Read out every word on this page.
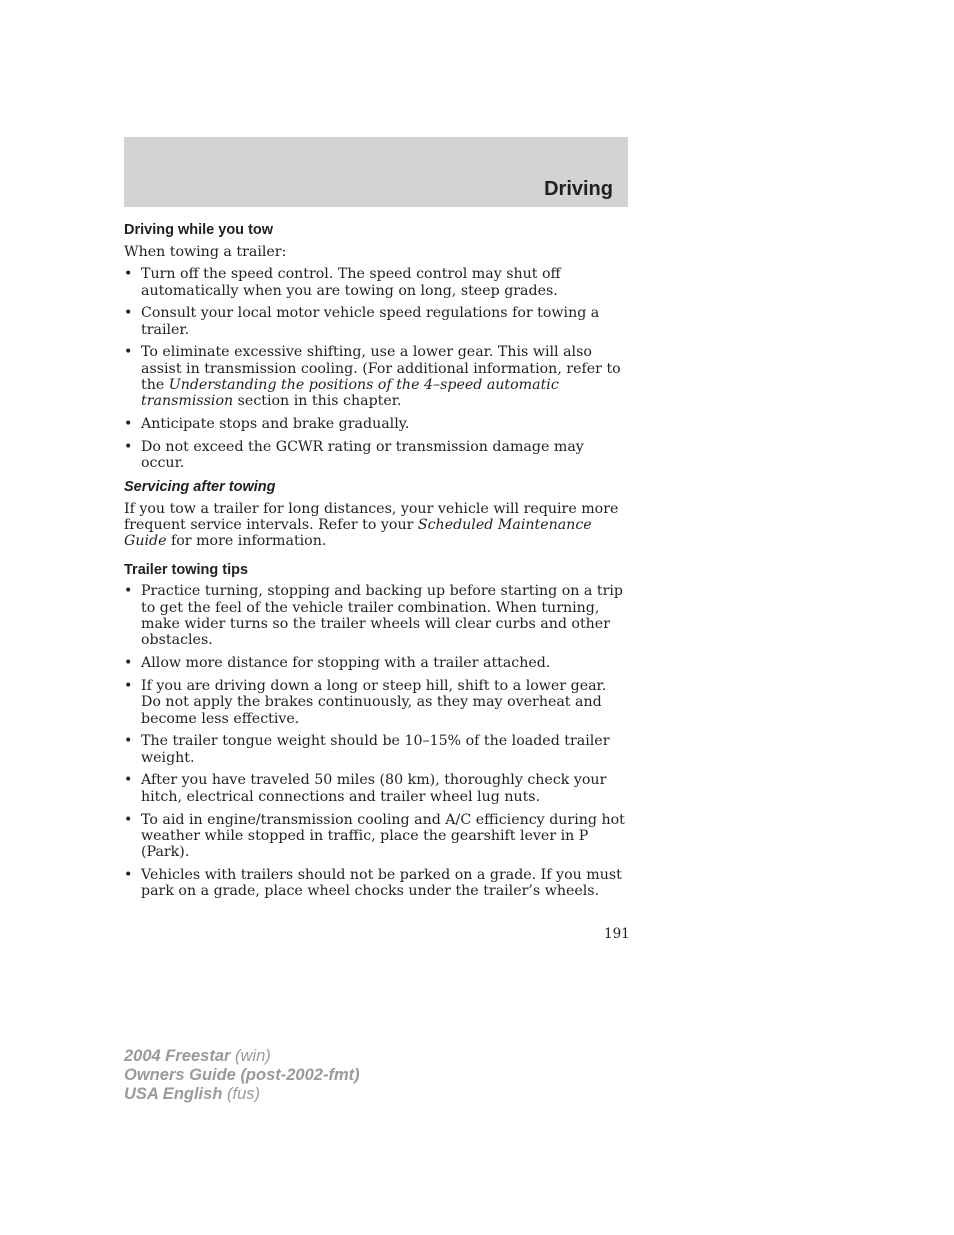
Driving
Driving while you tow

When towing a trailer:

• Turn off the speed control. The speed control may shut off automatically when you are towing on long, steep grades.
• Consult your local motor vehicle speed regulations for towing a trailer.
• To eliminate excessive shifting, use a lower gear. This will also assist in transmission cooling. (For additional information, refer to the Understanding the positions of the 4–speed automatic transmission section in this chapter.
• Anticipate stops and brake gradually.
• Do not exceed the GCWR rating or transmission damage may occur.
Servicing after towing

If you tow a trailer for long distances, your vehicle will require more frequent service intervals. Refer to your Scheduled Maintenance Guide for more information.

Trailer towing tips
• Practice turning, stopping and backing up before starting on a trip to get the feel of the vehicle trailer combination. When turning, make wider turns so the trailer wheels will clear curbs and other obstacles.
• Allow more distance for stopping with a trailer attached.
• If you are driving down a long or steep hill, shift to a lower gear. Do not apply the brakes continuously, as they may overheat and become less effective.
• The trailer tongue weight should be 10–15% of the loaded trailer weight.
• After you have traveled 50 miles (80 km), thoroughly check your hitch, electrical connections and trailer wheel lug nuts.
• To aid in engine/transmission cooling and A/C efficiency during hot weather while stopped in traffic, place the gearshift lever in P (Park).
• Vehicles with trailers should not be parked on a grade. If you must park on a grade, place wheel chocks under the trailer’s wheels.
191
2004 Freestar (win)
Owners Guide (post-2002-fmt)
USA English (fus)
